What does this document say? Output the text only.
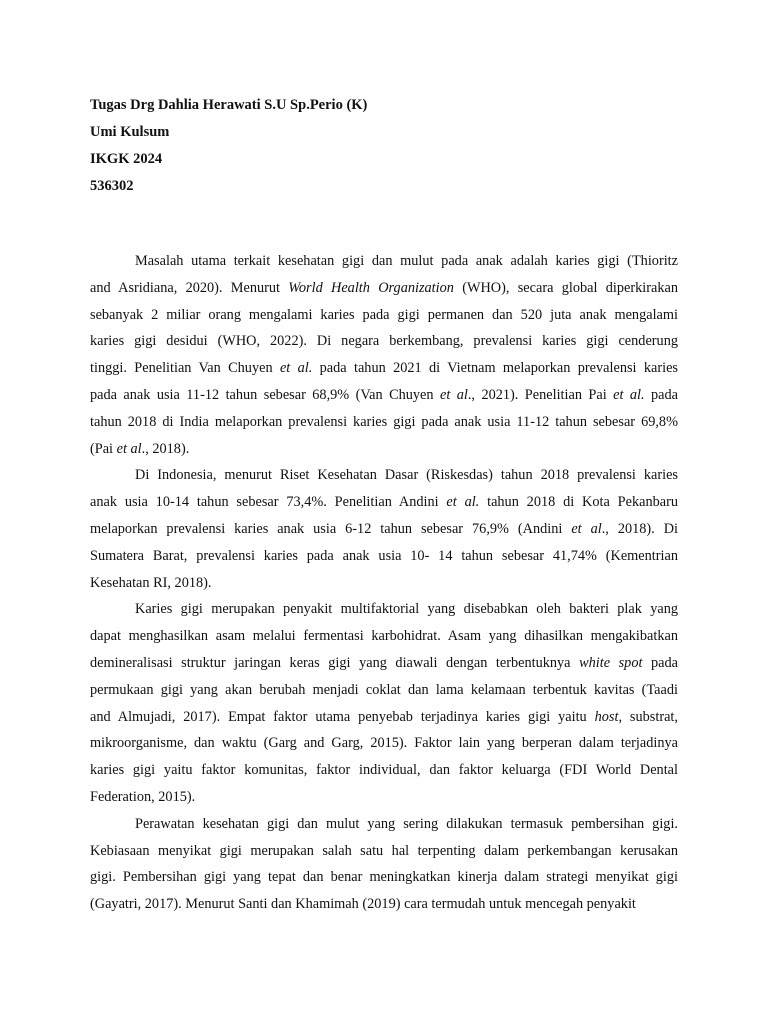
Tugas Drg Dahlia Herawati S.U Sp.Perio (K)
Umi Kulsum
IKGK 2024
536302
Masalah utama terkait kesehatan gigi dan mulut pada anak adalah karies gigi (Thioritz
and Asridiana, 2020). Menurut World Health Organization (WHO), secara global diperkirakan
sebanyak 2 miliar orang mengalami karies pada gigi permanen dan 520 juta anak mengalami
karies gigi desidui (WHO, 2022). Di negara berkembang, prevalensi karies gigi cenderung
tinggi. Penelitian Van Chuyen et al. pada tahun 2021 di Vietnam melaporkan prevalensi karies
pada anak usia 11-12 tahun sebesar 68,9% (Van Chuyen et al., 2021). Penelitian Pai et al. pada
tahun 2018 di India melaporkan prevalensi karies gigi pada anak usia 11-12 tahun sebesar 69,8%
(Pai et al., 2018).
Di Indonesia, menurut Riset Kesehatan Dasar (Riskesdas) tahun 2018 prevalensi karies
anak usia 10-14 tahun sebesar 73,4%. Penelitian Andini et al. tahun 2018 di Kota Pekanbaru
melaporkan prevalensi karies anak usia 6-12 tahun sebesar 76,9% (Andini et al., 2018). Di
Sumatera Barat, prevalensi karies pada anak usia 10- 14 tahun sebesar 41,74% (Kementrian
Kesehatan RI, 2018).
Karies gigi merupakan penyakit multifaktorial yang disebabkan oleh bakteri plak yang
dapat menghasilkan asam melalui fermentasi karbohidrat. Asam yang dihasilkan mengakibatkan
demineralisasi struktur jaringan keras gigi yang diawali dengan terbentuknya white spot pada
permukaan gigi yang akan berubah menjadi coklat dan lama kelamaan terbentuk kavitas (Taadi
and Almujadi, 2017). Empat faktor utama penyebab terjadinya karies gigi yaitu host, substrat,
mikroorganisme, dan waktu (Garg and Garg, 2015). Faktor lain yang berperan dalam terjadinya
karies gigi yaitu faktor komunitas, faktor individual, dan faktor keluarga (FDI World Dental
Federation, 2015).
Perawatan kesehatan gigi dan mulut yang sering dilakukan termasuk pembersihan gigi.
Kebiasaan menyikat gigi merupakan salah satu hal terpenting dalam perkembangan kerusakan
gigi. Pembersihan gigi yang tepat dan benar meningkatkan kinerja dalam strategi menyikat gigi
(Gayatri, 2017). Menurut Santi dan Khamimah (2019) cara termudah untuk mencegah penyakit
